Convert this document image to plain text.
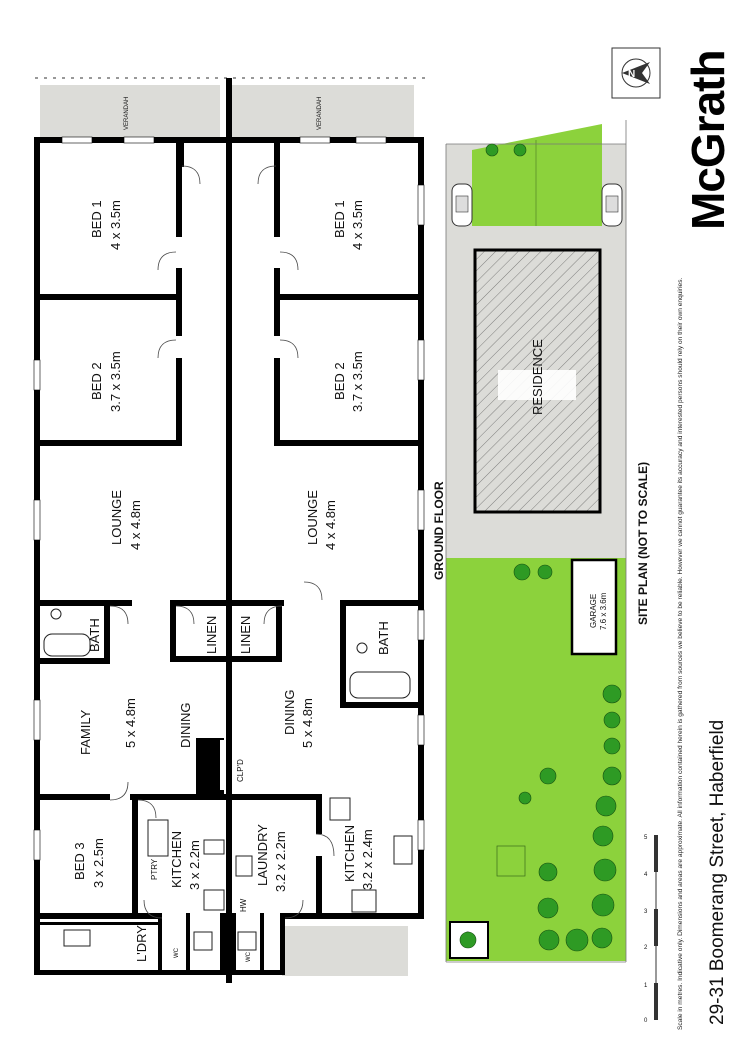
McGrath
29-31 Boomerang Street, Haberfield
Scale in metres. Indicative only. Dimensions and areas are approximate. All information contained herein is gathered from sources we believe to be reliable. However we cannot guarantee its accuracy and interested persons should rely on their own enquiries.
N
0
1
2
3
4
5
GROUND FLOOR	SITE PLAN (NOT TO SCALE)
RESIDENCE
GARAGE 7.6 x 3.6m
VERANDAH	VERANDAH
BED 1 4 x 3.5m
BED 2 3.7 x 3.5m
LOUNGE 4 x 4.8m
BATH	LINEN
FAMILY 5 x 4.8m	DINING
BED 3 3 x 2.5m	KITCHEN 3 x 2.2m
PTRY
L'DRY	WC
BED 1 4 x 3.5m
BED 2 3.7 x 3.5m
LOUNGE 4 x 4.8m
LINEN	BATH
DINING 5 x 4.8m
CLP'D
LAUNDRY 3.2 x 2.2m	KITCHEN 3.2 x 2.4m
HW
WC
